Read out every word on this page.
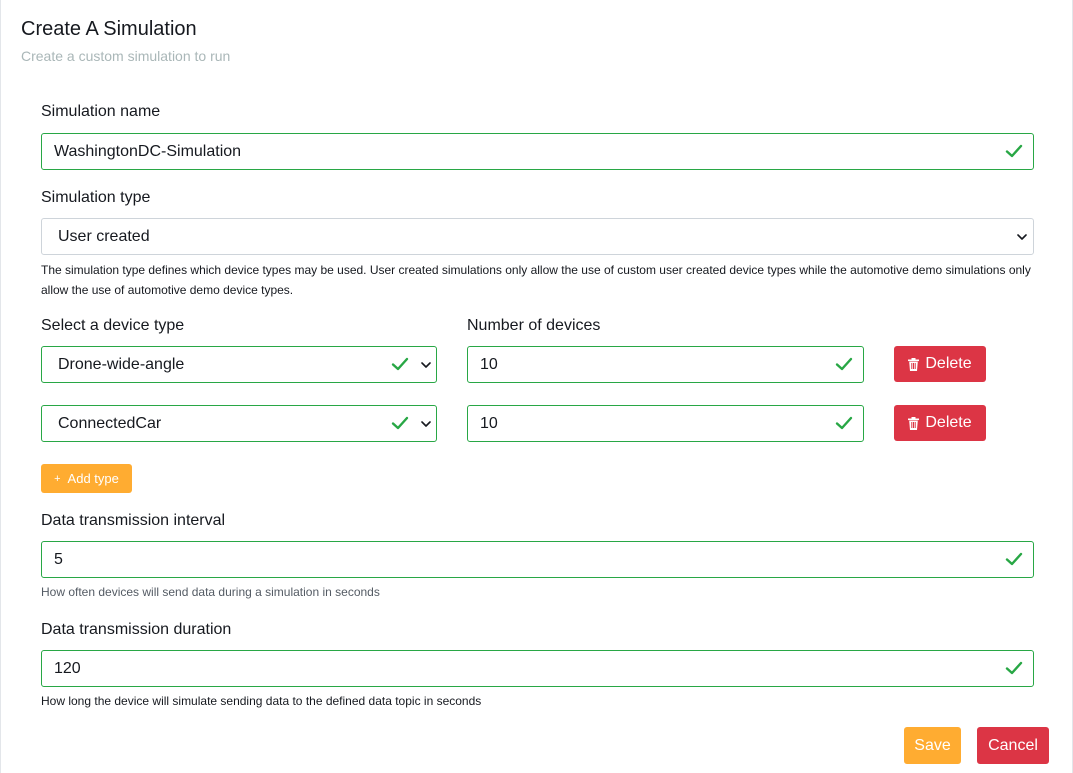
Create A Simulation
Create a custom simulation to run
Simulation name
WashingtonDC-Simulation
Simulation type
User created
The simulation type defines which device types may be used. User created simulations only allow the use of custom user created device types while the automotive demo simulations only allow the use of automotive demo device types.
Select a device type	Number of devices
Drone-wide-angle	10	Delete
ConnectedCar	10	Delete
+ Add type
Data transmission interval
5
How often devices will send data during a simulation in seconds
Data transmission duration
120
How long the device will simulate sending data to the defined data topic in seconds
Save	Cancel
